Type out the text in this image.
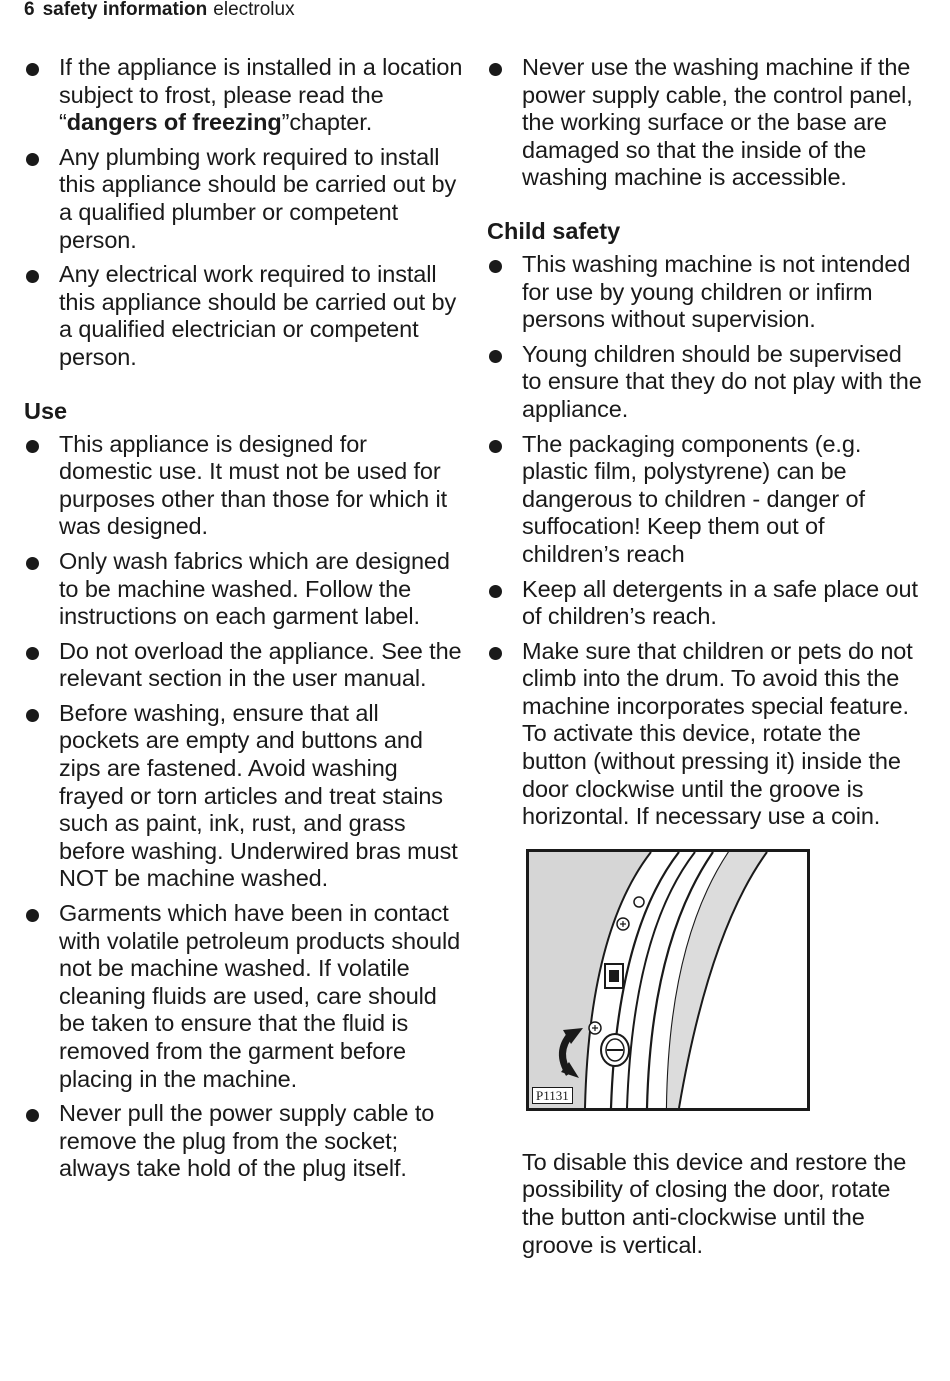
6 safety information electrolux
If the appliance is installed in a location subject to frost, please read the “dangers of freezing”chapter.
Any plumbing work required to install this appliance should be carried out by a qualified plumber or competent person.
Any electrical work required to install this appliance should be carried out by a qualified electrician or competent person.
Use
This appliance is designed for domestic use. It must not be used for purposes other than those for which it was designed.
Only wash fabrics which are designed to be machine washed. Follow the instructions on each garment label.
Do not overload the appliance. See the relevant section in the user manual.
Before washing, ensure that all pockets are empty and buttons and zips are fastened. Avoid washing frayed or torn articles and treat stains such as paint, ink, rust, and grass before washing. Underwired bras must NOT be machine washed.
Garments which have been in contact with volatile petroleum products should not be machine washed. If volatile cleaning fluids are used, care should be taken to ensure that the fluid is removed from the garment before placing in the machine.
Never pull the power supply cable to remove the plug from the socket; always take hold of the plug itself.
Never use the washing machine if the power supply cable, the control panel, the working surface or the base are damaged so that the inside of the washing machine is accessible.
Child safety
This washing machine is not intended for use by young children or infirm persons without supervision.
Young children should be supervised to ensure that they do not play with the appliance.
The packaging components (e.g. plastic film, polystyrene) can be dangerous to children - danger of suffocation! Keep them out of children’s reach
Keep all detergents in a safe place out of children’s reach.
Make sure that children or pets do not climb into the drum. To avoid this the machine incorporates special feature. To activate this device, rotate the button (without pressing it) inside the door clockwise until the groove is horizontal. If necessary use a coin.
P1131
To disable this device and restore the possibility of closing the door, rotate the button anti-clockwise until the groove is vertical.
